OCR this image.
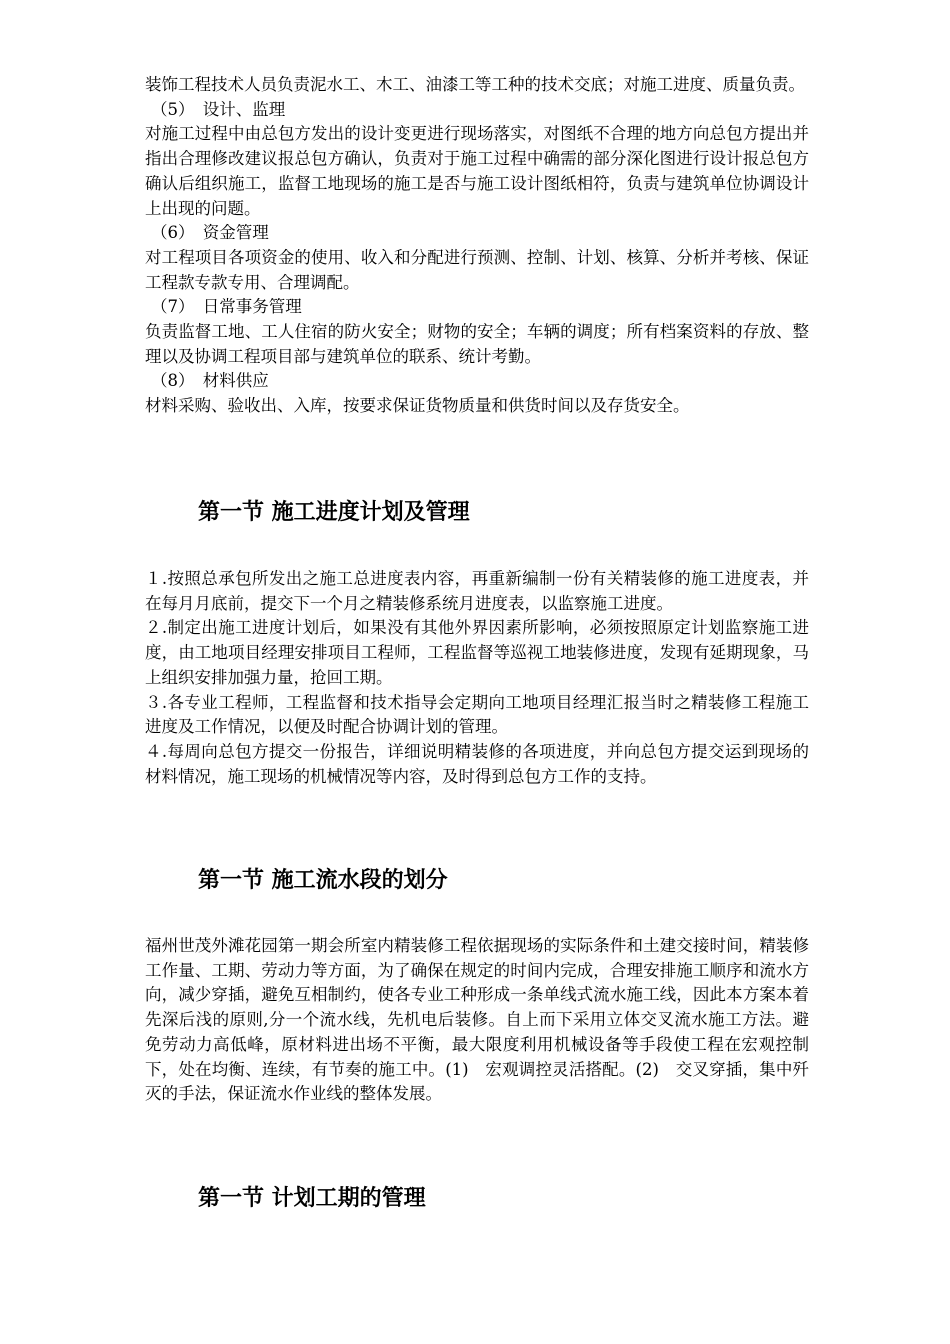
装饰工程技术人员负责泥水工、木工、油漆工等工种的技术交底；对施工进度、质量负责。

（5）　设计、监理

对施工过程中由总包方发出的设计变更进行现场落实，对图纸不合理的地方向总包方提出并指出合理修改建议报总包方确认，负责对于施工过程中确需的部分深化图进行设计报总包方确认后组织施工，监督工地现场的施工是否与施工设计图纸相符，负责与建筑单位协调设计上出现的问题。

（6）　资金管理

对工程项目各项资金的使用、收入和分配进行预测、控制、计划、核算、分析并考核、保证工程款专款专用、合理调配。

（7）　日常事务管理

负责监督工地、工人住宿的防火安全；财物的安全；车辆的调度；所有档案资料的存放、整理以及协调工程项目部与建筑单位的联系、统计考勤。

（8）　材料供应

材料采购、验收出、入库，按要求保证货物质量和供货时间以及存货安全。

第一节 施工进度计划及管理

１.按照总承包所发出之施工总进度表内容，再重新编制一份有关精装修的施工进度表，并在每月月底前，提交下一个月之精装修系统月进度表，以监察施工进度。

２.制定出施工进度计划后，如果没有其他外界因素所影响，必须按照原定计划监察施工进度，由工地项目经理安排项目工程师，工程监督等巡视工地装修进度，发现有延期现象，马上组织安排加强力量，抢回工期。

３.各专业工程师，工程监督和技术指导会定期向工地项目经理汇报当时之精装修工程施工进度及工作情况，以便及时配合协调计划的管理。

４.每周向总包方提交一份报告，详细说明精装修的各项进度，并向总包方提交运到现场的材料情况，施工现场的机械情况等内容，及时得到总包方工作的支持。

第一节 施工流水段的划分

福州世茂外滩花园第一期会所室内精装修工程依据现场的实际条件和土建交接时间，精装修工作量、工期、劳动力等方面，为了确保在规定的时间内完成，合理安排施工顺序和流水方向，减少穿插，避免互相制约，使各专业工种形成一条单线式流水施工线，因此本方案本着先深后浅的原则,分一个流水线，先机电后装修。自上而下采用立体交叉流水施工方法。避免劳动力高低峰，原材料进出场不平衡，最大限度利用机械设备等手段使工程在宏观控制下，处在均衡、连续，有节奏的施工中。(1)　宏观调控灵活搭配。(2)　交叉穿插，集中歼灭的手法，保证流水作业线的整体发展。

第一节 计划工期的管理
